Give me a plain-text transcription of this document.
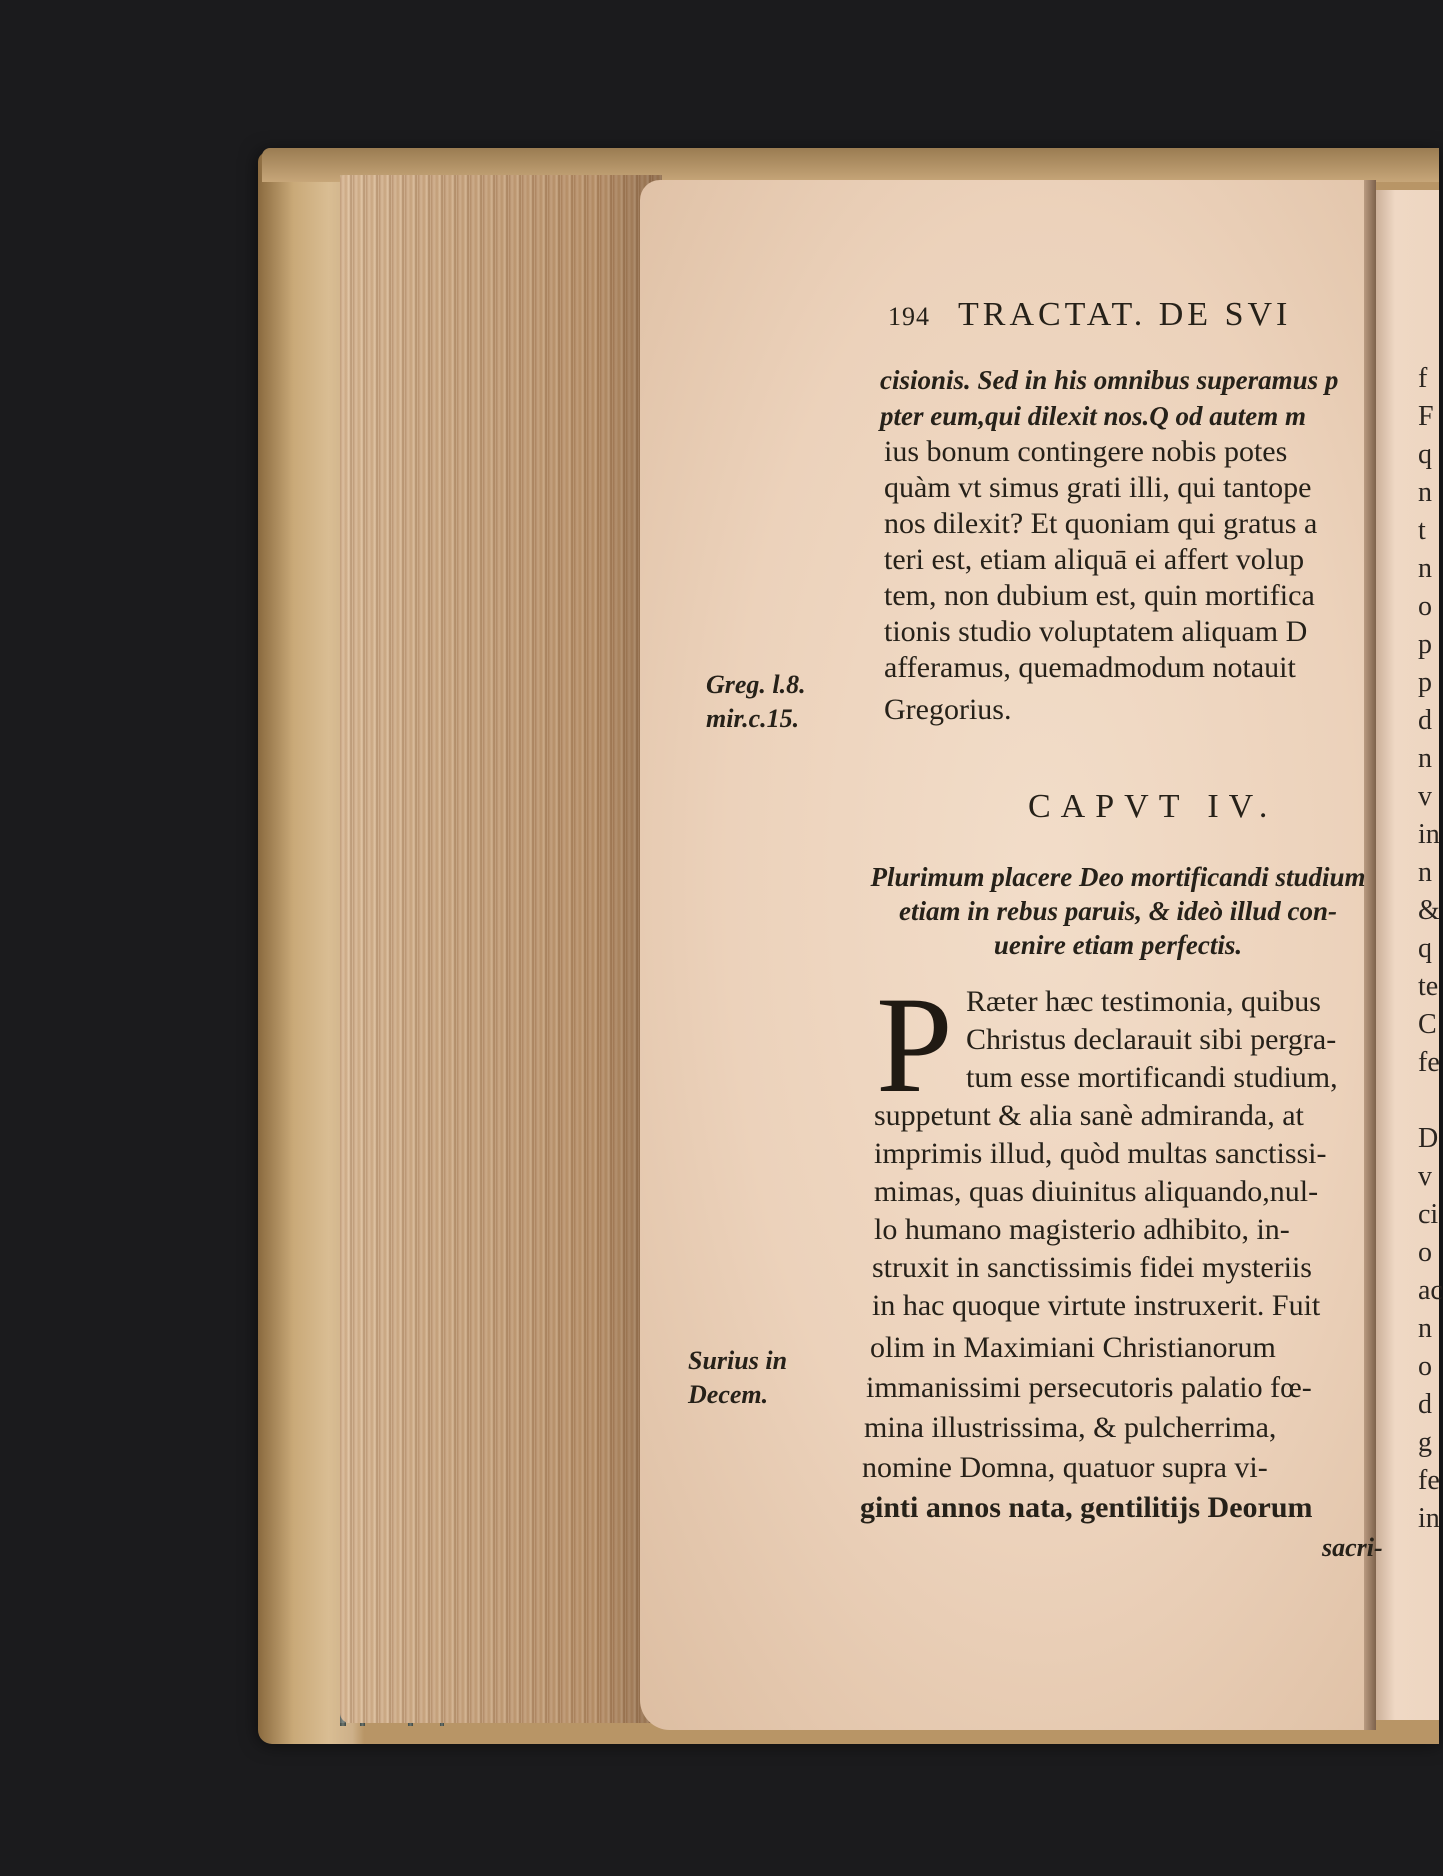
194 TRACTAT. DE SVI
cisionis. Sed in his omnibus superamus p
pter eum,qui dilexit nos.Q od autem m
ius bonum contingere nobis potes
quàm vt simus grati illi, qui tantope
nos dilexit? Et quoniam qui gratus a
teri est, etiam aliquā ei affert volup
tem, non dubium est, quin mortifica
tionis studio voluptatem aliquam D
afferamus, quemadmodum notauit
Gregorius.
Greg. l.8.
mir.c.15.
CAPVT IV.
Plurimum placere Deo mortificandi studium
etiam in rebus paruis, & ideò illud con-
uenire etiam perfectis.
P Ræter hæc testimonia, quibus
Christus declarauit sibi pergra-
tum esse mortificandi studium,
suppetunt & alia sanè admiranda, at
imprimis illud, quòd multas sanctissi-
mimas, quas diuinitus aliquando,nul-
lo humano magisterio adhibito, in-
struxit in sanctissimis fidei mysteriis
in hac quoque virtute instruxerit. Fuit
olim in Maximiani Christianorum
immanissimi persecutoris palatio fœ-
mina illustrissima, & pulcherrima,
nomine Domna, quatuor supra vi-
ginti annos nata, gentilitijs Deorum
sacri-
Surius in
Decem.
f
F
q
n
t
n
o
p
p
d
n
v
in
n
&
q
te
C
fe

D
v
ci
o
ac
n
o
d
g
fe
in
